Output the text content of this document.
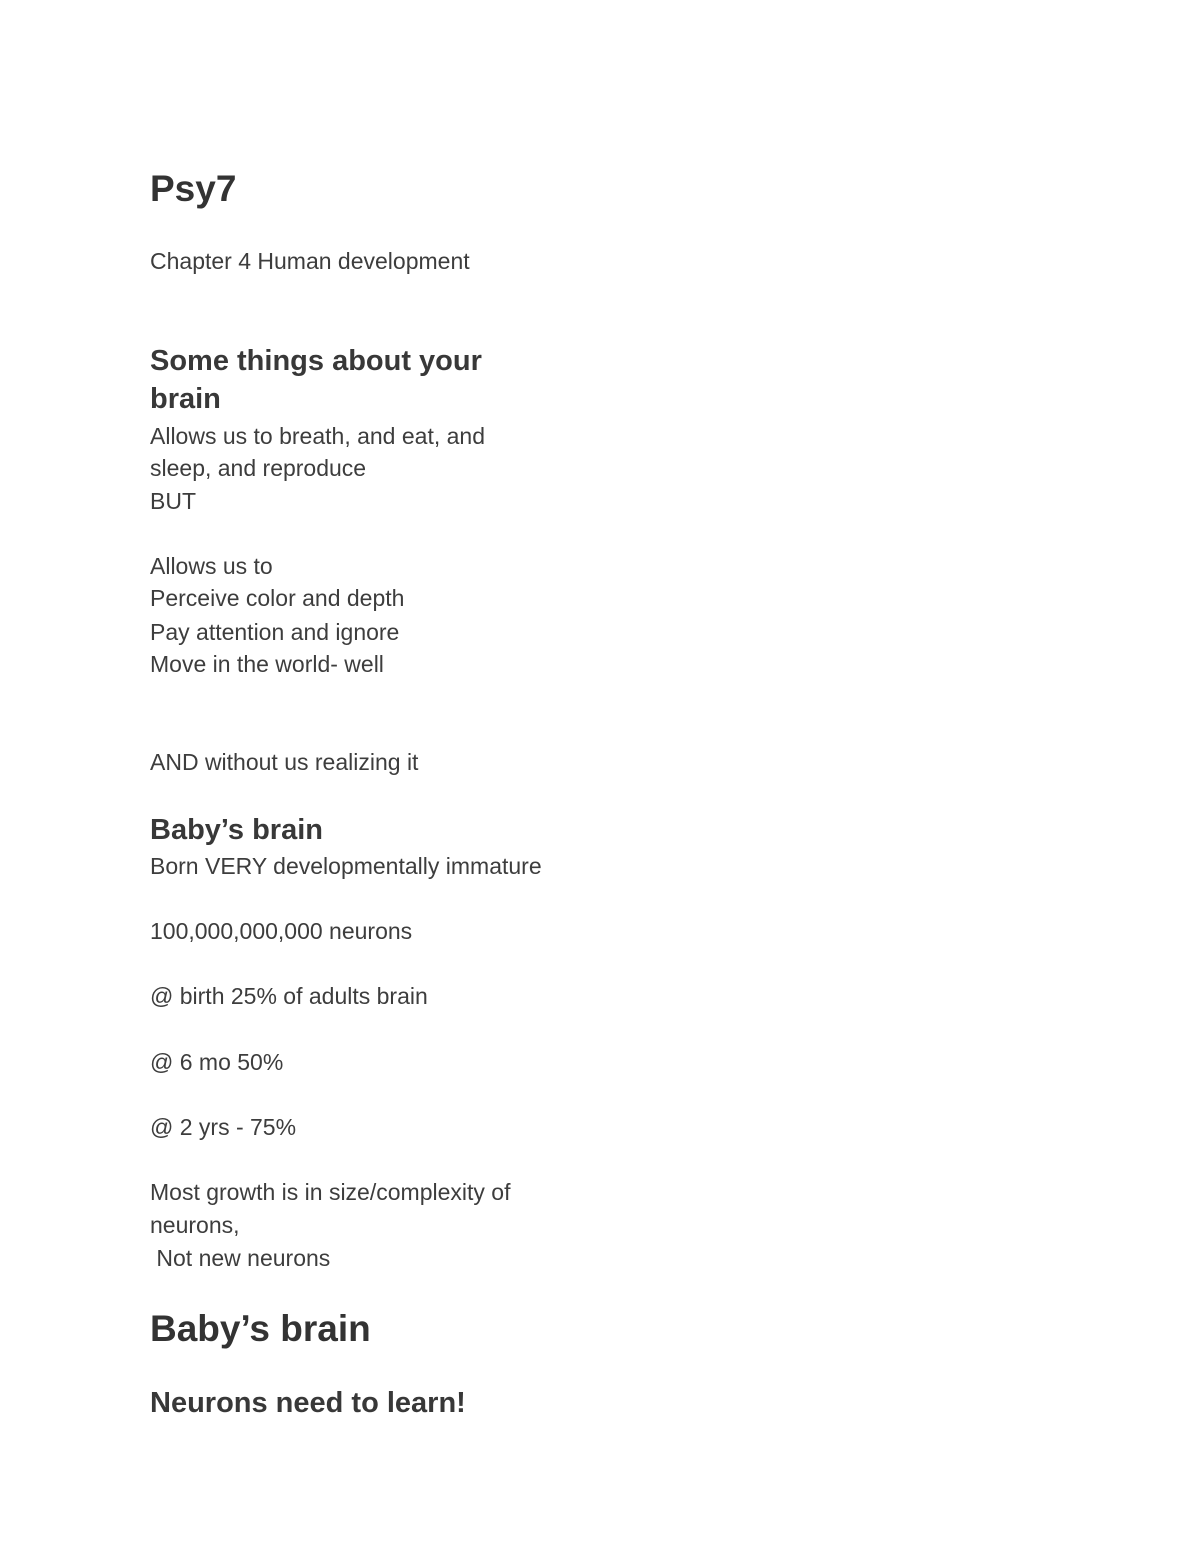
Psy7
Chapter 4 Human development
Some things about your
brain
Allows us to breath, and eat, and
sleep, and reproduce
BUT
Allows us to
Perceive color and depth
Pay attention and ignore
Move in the world- well
AND without us realizing it
Baby’s brain
Born VERY developmentally immature
100,000,000,000 neurons
@ birth 25% of adults brain
@ 6 mo 50%
@ 2 yrs - 75%
Most growth is in size/complexity of
neurons,
Not new neurons
Baby’s brain
Neurons need to learn!
